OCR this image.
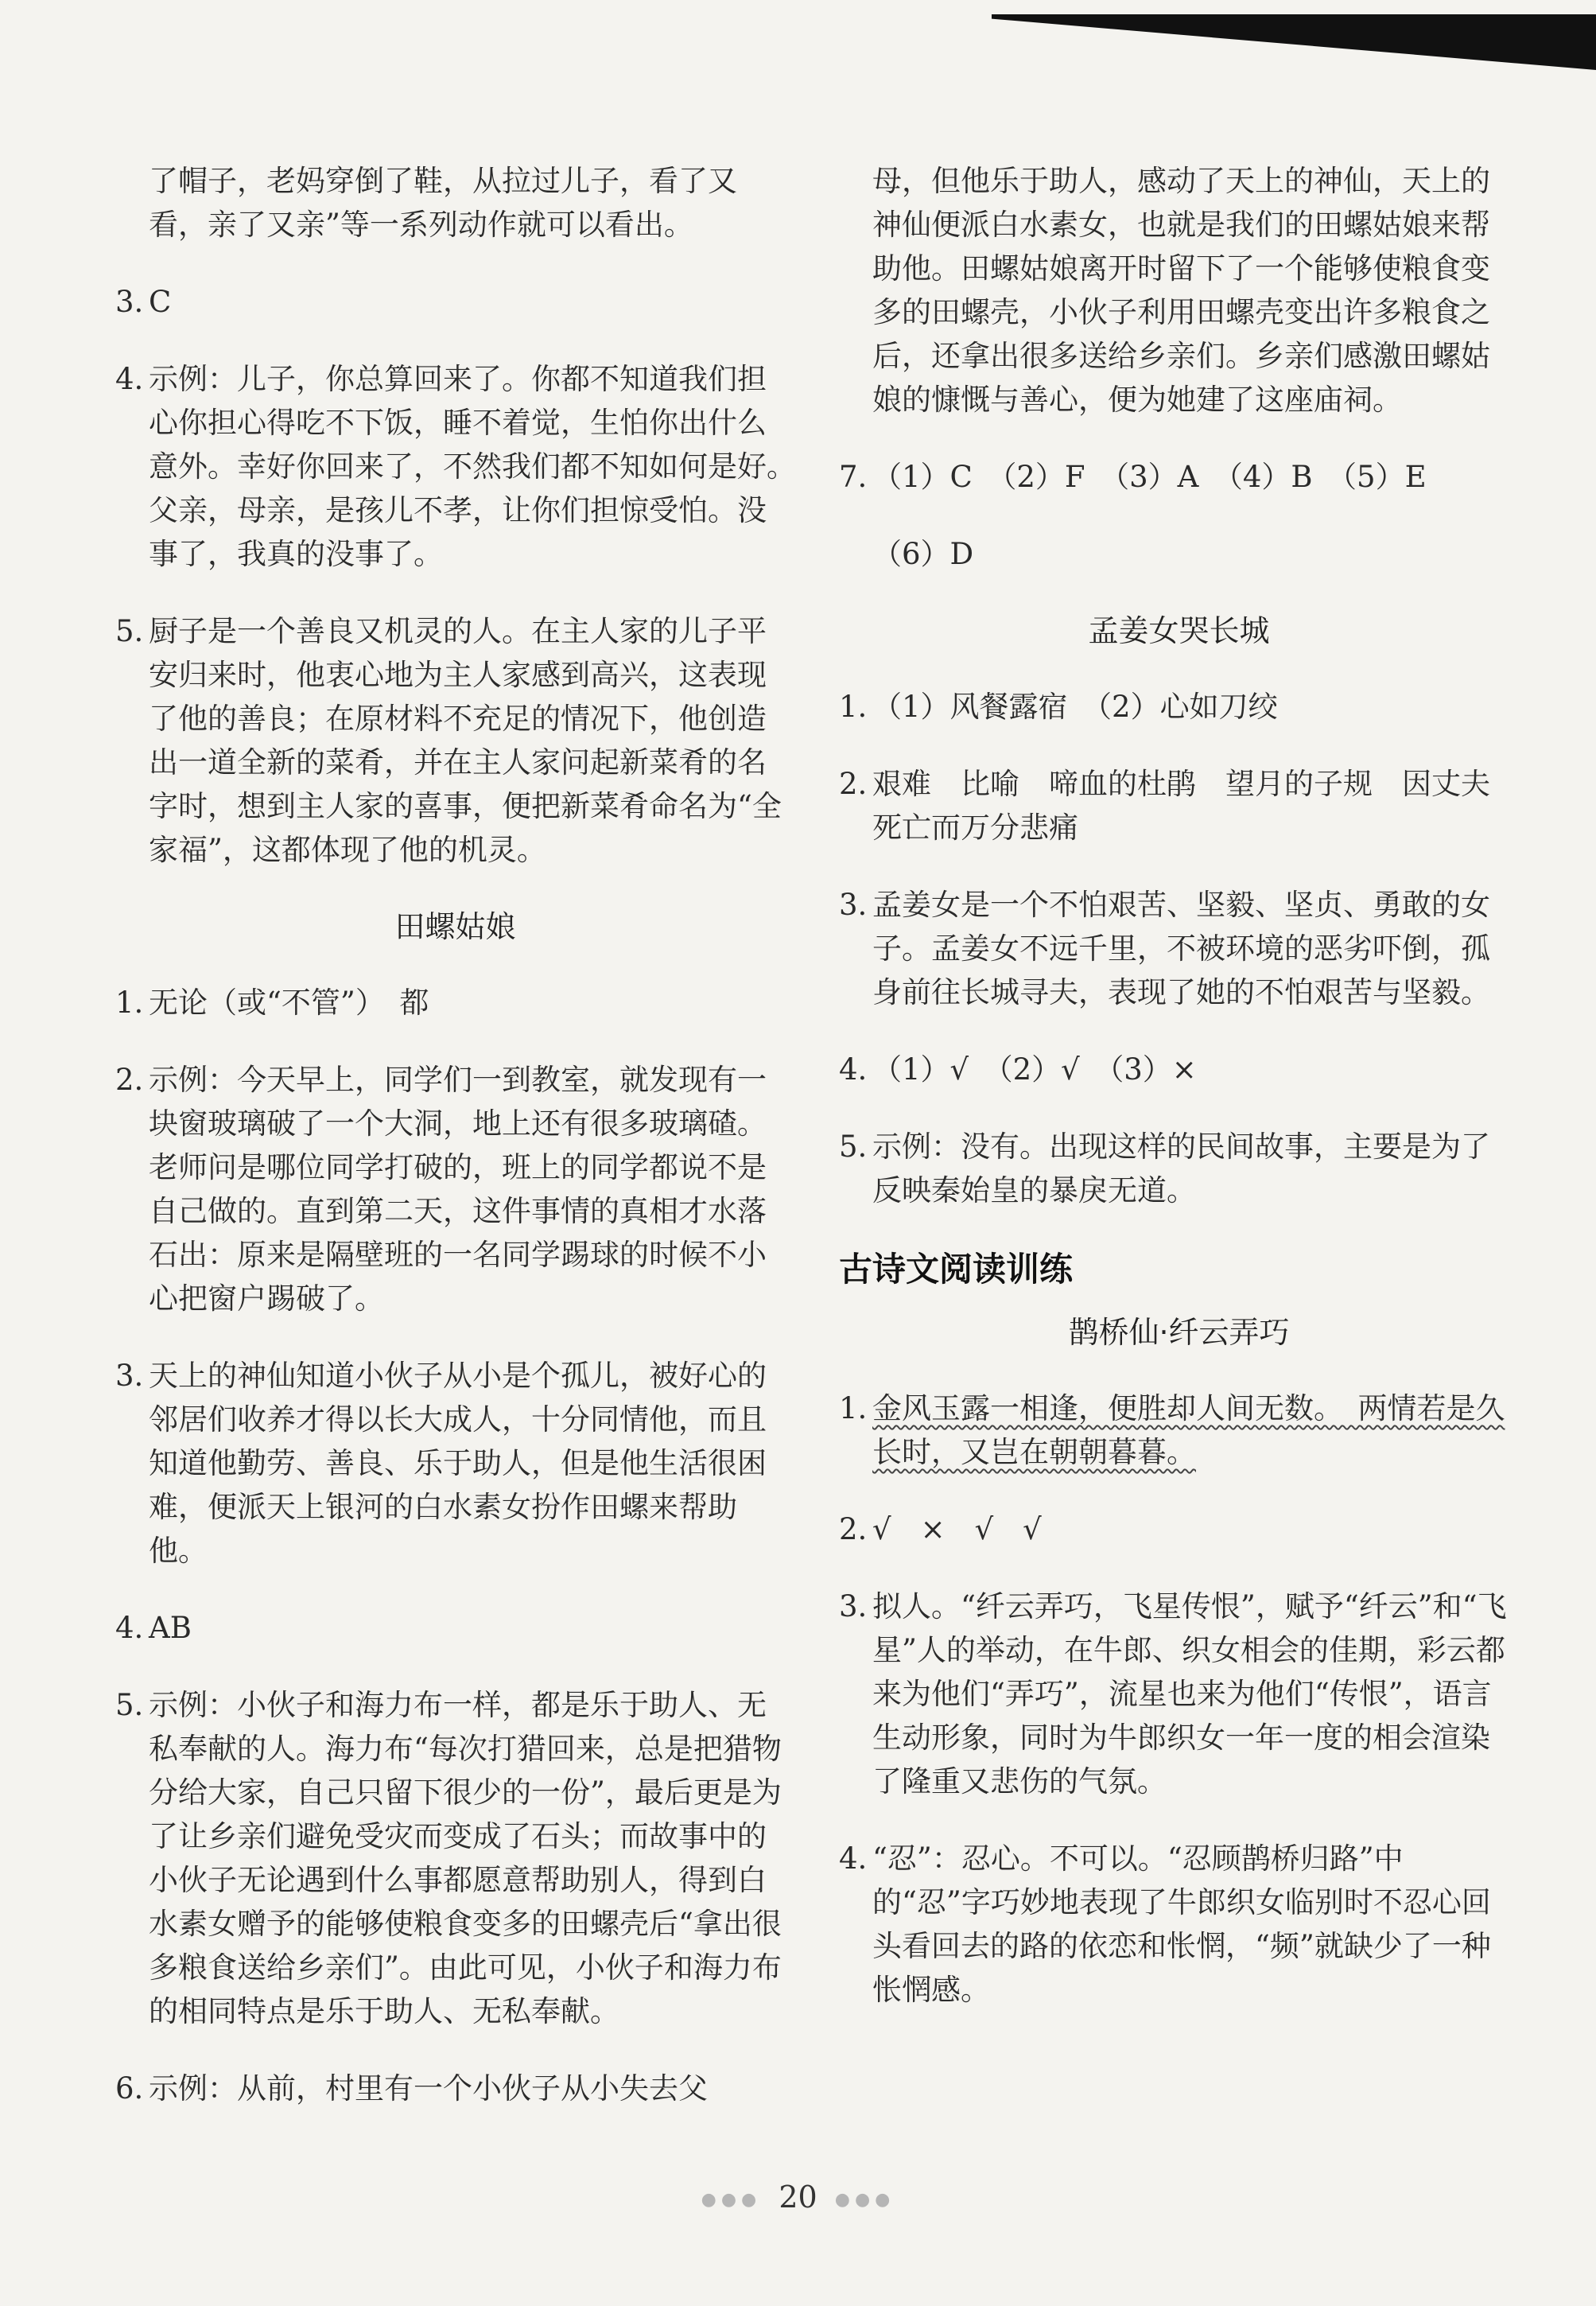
了帽子，老妈穿倒了鞋，从拉过儿子，看了又看，亲了又亲”等一系列动作就可以看出。
3. C
4. 示例：儿子，你总算回来了。你都不知道我们担心你担心得吃不下饭，睡不着觉，生怕你出什么意外。幸好你回来了，不然我们都不知如何是好。　父亲，母亲，是孩儿不孝，让你们担惊受怕。没事了，我真的没事了。
5. 厨子是一个善良又机灵的人。在主人家的儿子平安归来时，他衷心地为主人家感到高兴，这表现了他的善良；在原材料不充足的情况下，他创造出一道全新的菜肴，并在主人家问起新菜肴的名字时，想到主人家的喜事，便把新菜肴命名为“全家福”，这都体现了他的机灵。
田螺姑娘
1. 无论（或“不管”）　都
2. 示例：今天早上，同学们一到教室，就发现有一块窗玻璃破了一个大洞，地上还有很多玻璃碴。老师问是哪位同学打破的，班上的同学都说不是自己做的。直到第二天，这件事情的真相才水落石出：原来是隔壁班的一名同学踢球的时候不小心把窗户踢破了。
3. 天上的神仙知道小伙子从小是个孤儿，被好心的邻居们收养才得以长大成人，十分同情他，而且知道他勤劳、善良、乐于助人，但是他生活很困难，便派天上银河的白水素女扮作田螺来帮助他。
4. AB
5. 示例：小伙子和海力布一样，都是乐于助人、无私奉献的人。海力布“每次打猎回来，总是把猎物分给大家，自己只留下很少的一份”，最后更是为了让乡亲们避免受灾而变成了石头；而故事中的小伙子无论遇到什么事都愿意帮助别人，得到白水素女赠予的能够使粮食变多的田螺壳后“拿出很多粮食送给乡亲们”。由此可见，小伙子和海力布的相同特点是乐于助人、无私奉献。
6. 示例：从前，村里有一个小伙子从小失去父
母，但他乐于助人，感动了天上的神仙，天上的神仙便派白水素女，也就是我们的田螺姑娘来帮助他。田螺姑娘离开时留下了一个能够使粮食变多的田螺壳，小伙子利用田螺壳变出许多粮食之后，还拿出很多送给乡亲们。乡亲们感激田螺姑娘的慷慨与善心，便为她建了这座庙祠。
7. （1）C　（2）F　（3）A　（4）B　（5）E
（6）D
孟姜女哭长城
1. （1）风餐露宿　（2）心如刀绞
2. 艰难　比喻　啼血的杜鹃　望月的子规　因丈夫死亡而万分悲痛
3. 孟姜女是一个不怕艰苦、坚毅、坚贞、勇敢的女子。孟姜女不远千里，不被环境的恶劣吓倒，孤身前往长城寻夫，表现了她的不怕艰苦与坚毅。
4. （1）√　（2）√　（3）×
5. 示例：没有。出现这样的民间故事，主要是为了反映秦始皇的暴戾无道。
古诗文阅读训练
鹊桥仙·纤云弄巧
1. 金风玉露一相逢，便胜却人间无数。　两情若是久长时，又岂在朝朝暮暮。
2. √　×　√　√
3. 拟人。“纤云弄巧，飞星传恨”，赋予“纤云”和“飞星”人的举动，在牛郎、织女相会的佳期，彩云都来为他们“弄巧”，流星也来为他们“传恨”，语言生动形象，同时为牛郎织女一年一度的相会渲染了隆重又悲伤的气氛。
4. “忍”：忍心。不可以。“忍顾鹊桥归路”中的“忍”字巧妙地表现了牛郎织女临别时不忍心回头看回去的路的依恋和怅惘，“频”就缺少了一种怅惘感。
●●● 20 ●●●
